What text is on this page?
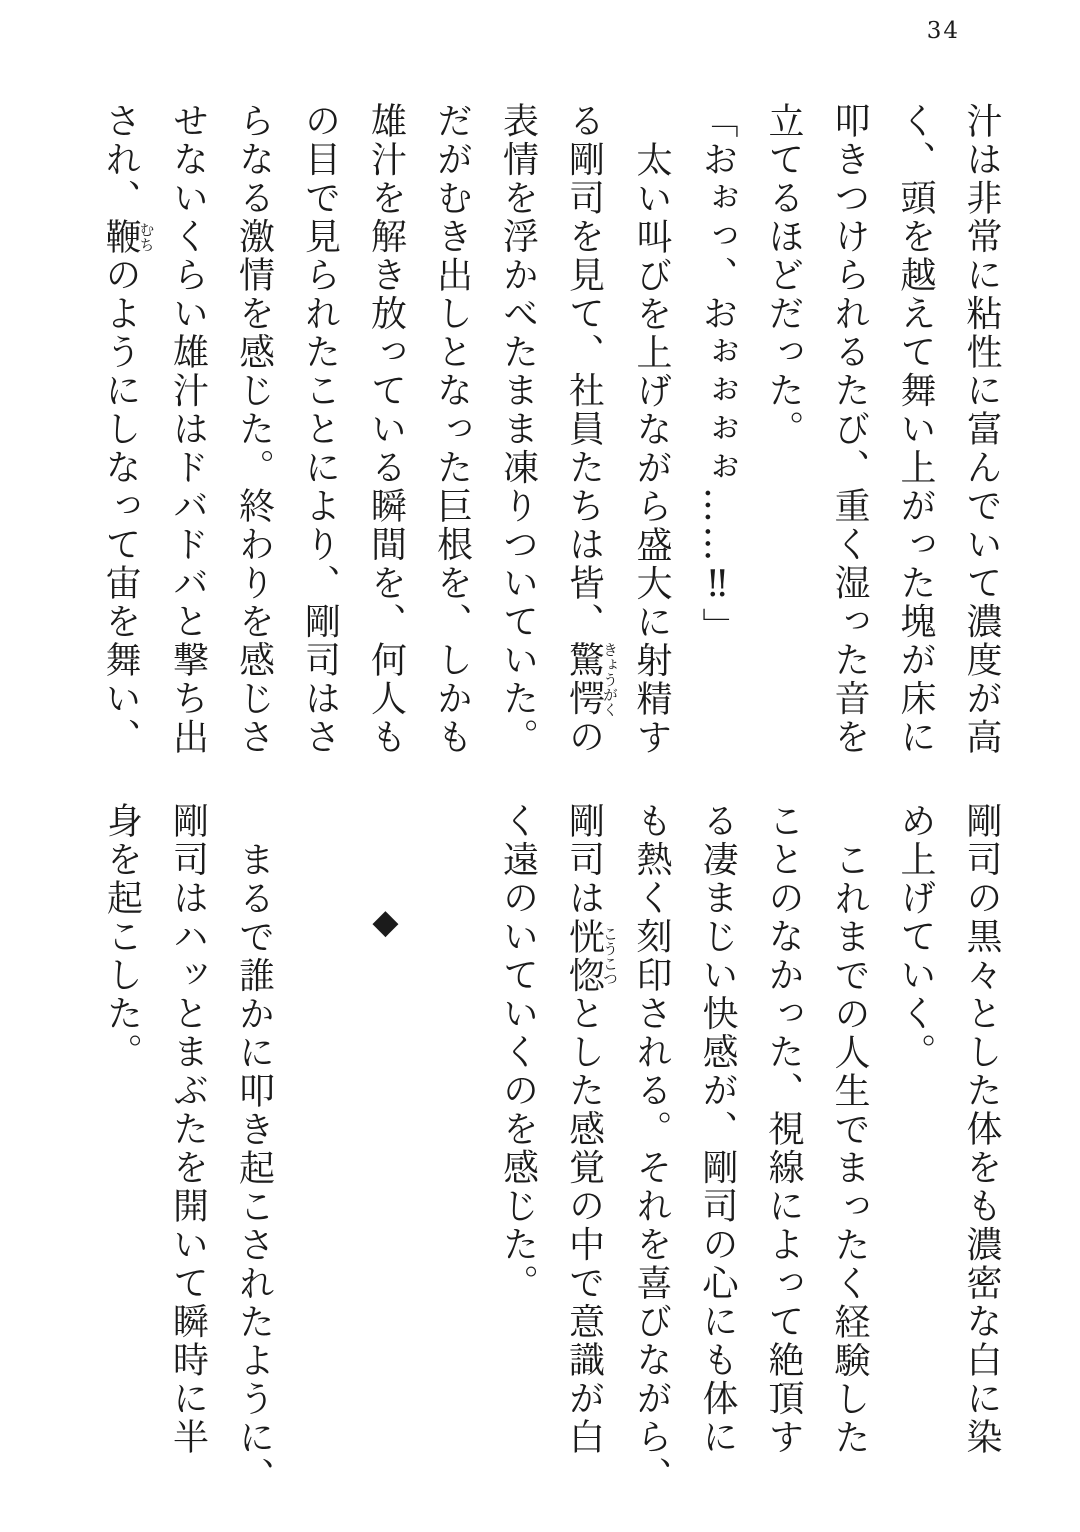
34

汁は非常に粘性に富んでいて濃度が高

く、頭を越えて舞い上がった塊が床に

叩きつけられるたび、重く湿った音を

立てるほどだった。

「おぉっ、おぉぉぉぉ……‼」

太い叫びを上げながら盛大に射精す

る剛司を見て、社員たちは皆、驚愕きょうがくの

表情を浮かべたまま凍りついていた。

だがむき出しとなった巨根を、しかも

雄汁を解き放っている瞬間を、何人も

の目で見られたことにより、剛司はさ

らなる激情を感じた。終わりを感じさ

せないくらい雄汁はドバドバと撃ち出

され、鞭むちのようにしなって宙を舞い、

剛司の黒々とした体をも濃密な白に染

め上げていく。

これまでの人生でまったく経験した

ことのなかった、視線によって絶頂す

る凄まじい快感が、剛司の心にも体に

も熱く刻印される。それを喜びながら、

剛司は恍惚こうこつとした感覚の中で意識が白

く遠のいていくのを感じた。

◆

まるで誰かに叩き起こされたように、

剛司はハッとまぶたを開いて瞬時に半

身を起こした。
